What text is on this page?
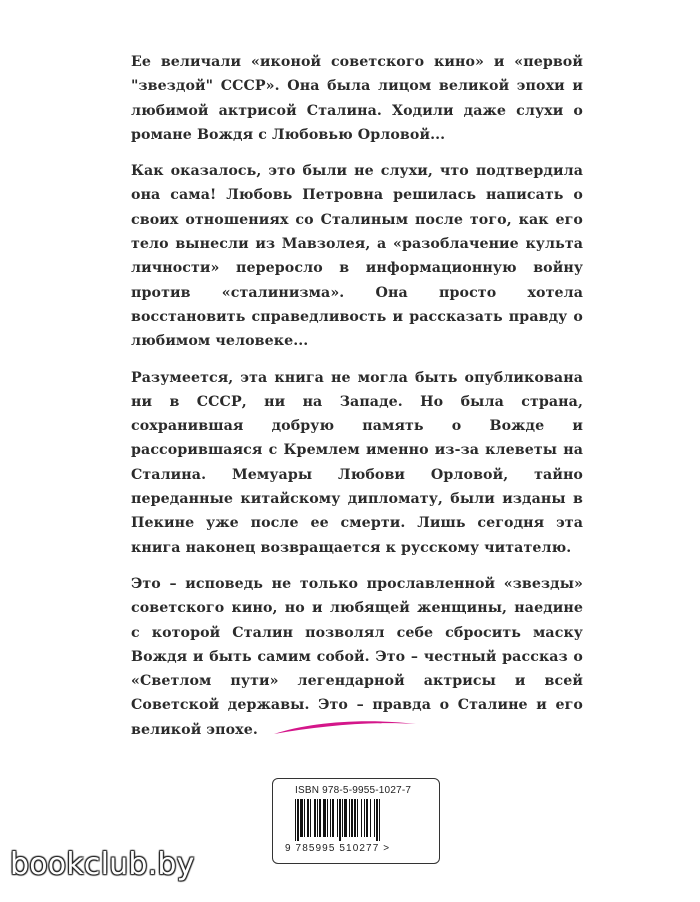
Ее величали «иконой советского кино» и «первой "звездой" СССР». Она была лицом великой эпохи и любимой актрисой Сталина. Ходили даже слухи о романе Вождя с Любовью Орловой...

Как оказалось, это были не слухи, что подтвердила она сама! Любовь Петровна решилась написать о своих отношениях со Сталиным после того, как его тело вынесли из Мавзолея, а «разоблачение культа личности» переросло в информационную войну против «сталинизма». Она просто хотела восстановить справедливость и рассказать правду о любимом человеке...

Разумеется, эта книга не могла быть опубликована ни в СССР, ни на Западе. Но была страна, сохранившая добрую память о Вожде и рассорившаяся с Кремлем именно из-за клеветы на Сталина. Мемуары Любови Орловой, тайно переданные китайскому дипломату, были изданы в Пекине уже после ее смерти. Лишь сегодня эта книга наконец возвращается к русскому читателю.

Это – исповедь не только прославленной «звезды» советского кино, но и любящей женщины, наедине с которой Сталин позволял себе сбросить маску Вождя и быть самим собой. Это – честный рассказ о «Светлом пути» легендарной актрисы и всей Советской державы. Это – правда о Сталине и его великой эпохе.

ISBN 978-5-9955-1027-7
9 785995 510277 >
bookclub.by
